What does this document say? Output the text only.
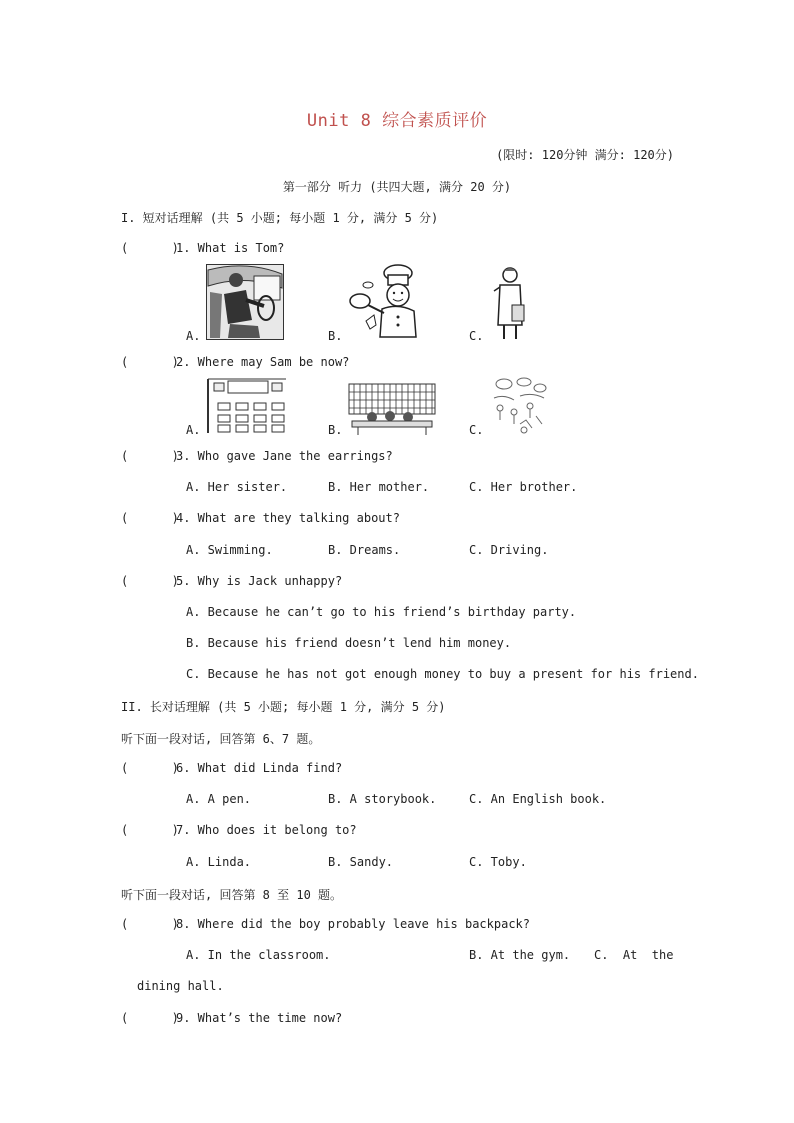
Unit 8 综合素质评价
(限时: 120分钟 满分: 120分)
第一部分 听力 (共四大题, 满分 20 分)
I. 短对话理解 (共 5 小题; 每小题 1 分, 满分 5 分)
(      )
1. What is Tom?
A.	B.	C.
(      )
2. Where may Sam be now?
A.	B.	C.
(      )
3. Who gave Jane the earrings?
A. Her sister.	B. Her mother.	C. Her brother.
(      )
4. What are they talking about?
A. Swimming.	B. Dreams.	C. Driving.
(      )
5. Why is Jack unhappy?
A. Because he can’t go to his friend’s birthday party.
B. Because his friend doesn’t lend him money.
C. Because he has not got enough money to buy a present for his friend.
II. 长对话理解 (共 5 小题; 每小题 1 分, 满分 5 分)
听下面一段对话, 回答第 6、7 题。
(      )
6. What did Linda find?
A. A pen.	B. A storybook.	C. An English book.
(      )
7. Who does it belong to?
A. Linda.	B. Sandy.	C. Toby.
听下面一段对话, 回答第 8 至 10 题。
(      )
8. Where did the boy probably leave his backpack?
A. In the classroom.	B. At the gym. C.  At  the
dining hall.
(      )
9. What’s the time now?
